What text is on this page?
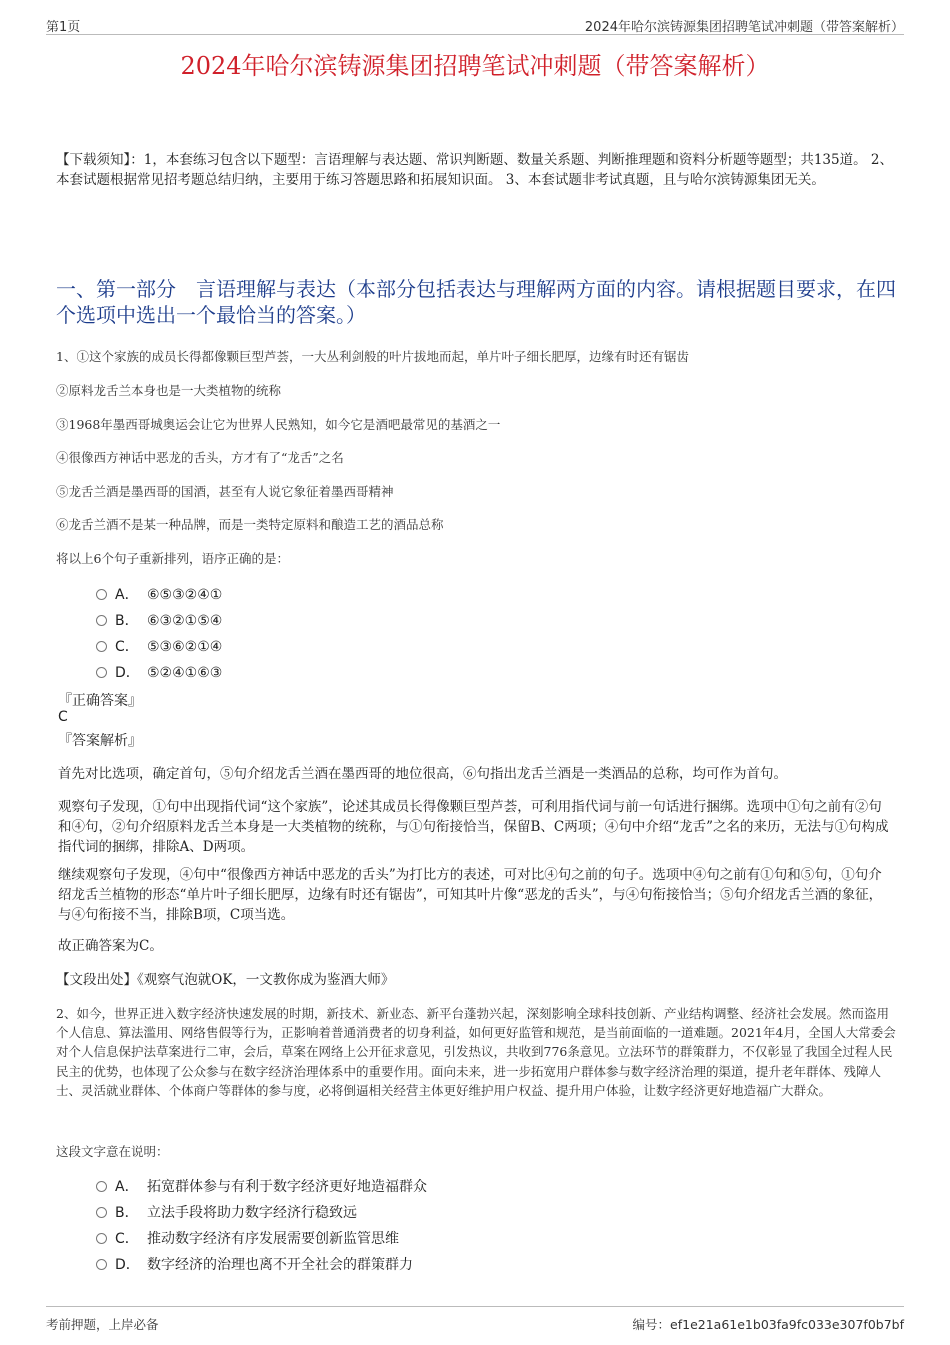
第1页	2024年哈尔滨铸源集团招聘笔试冲刺题（带答案解析）
2024年哈尔滨铸源集团招聘笔试冲刺题（带答案解析）
【下载须知】：1，本套练习包含以下题型：言语理解与表达题、常识判断题、数量关系题、判断推理题和资料分析题等题型；共135道。 2、本套试题根据常见招考题总结归纳，主要用于练习答题思路和拓展知识面。 3、本套试题非考试真题，且与哈尔滨铸源集团无关。
一、第一部分　言语理解与表达（本部分包括表达与理解两方面的内容。请根据题目要求，在四个选项中选出一个最恰当的答案。）
1、①这个家族的成员长得都像颗巨型芦荟，一大丛利剑般的叶片拔地而起，单片叶子细长肥厚，边缘有时还有锯齿
②原料龙舌兰本身也是一大类植物的统称
③1968年墨西哥城奥运会让它为世界人民熟知，如今它是酒吧最常见的基酒之一
④很像西方神话中恶龙的舌头，方才有了“龙舌”之名
⑤龙舌兰酒是墨西哥的国酒，甚至有人说它象征着墨西哥精神
⑥龙舌兰酒不是某一种品牌，而是一类特定原料和酿造工艺的酒品总称
将以上6个句子重新排列，语序正确的是：
A． ⑥⑤③②④①
B． ⑥③②①⑤④
C． ⑤③⑥②①④
D． ⑤②④①⑥③
『正确答案』
C
『答案解析』
首先对比选项，确定首句，⑤句介绍龙舌兰酒在墨西哥的地位很高，⑥句指出龙舌兰酒是一类酒品的总称，均可作为首句。
观察句子发现，①句中出现指代词“这个家族”，论述其成员长得像颗巨型芦荟，可利用指代词与前一句话进行捆绑。选项中①句之前有②句和④句，②句介绍原料龙舌兰本身是一大类植物的统称，与①句衔接恰当，保留B、C两项；④句中介绍“龙舌”之名的来历，无法与①句构成指代词的捆绑，排除A、D两项。
继续观察句子发现，④句中“很像西方神话中恶龙的舌头”为打比方的表述，可对比④句之前的句子。选项中④句之前有①句和⑤句，①句介绍龙舌兰植物的形态“单片叶子细长肥厚，边缘有时还有锯齿”，可知其叶片像“恶龙的舌头”，与④句衔接恰当；⑤句介绍龙舌兰酒的象征，与④句衔接不当，排除B项，C项当选。
故正确答案为C。
【文段出处】《观察气泡就OK，一文教你成为鉴酒大师》
2、如今，世界正进入数字经济快速发展的时期，新技术、新业态、新平台蓬勃兴起，深刻影响全球科技创新、产业结构调整、经济社会发展。然而盗用个人信息、算法滥用、网络售假等行为，正影响着普通消费者的切身利益，如何更好监管和规范，是当前面临的一道难题。2021年4月，全国人大常委会对个人信息保护法草案进行二审，会后，草案在网络上公开征求意见，引发热议，共收到776条意见。立法环节的群策群力，不仅彰显了我国全过程人民民主的优势，也体现了公众参与在数字经济治理体系中的重要作用。面向未来，进一步拓宽用户群体参与数字经济治理的渠道，提升老年群体、残障人士、灵活就业群体、个体商户等群体的参与度，必将倒逼相关经营主体更好维护用户权益、提升用户体验，让数字经济更好地造福广大群众。
这段文字意在说明：
A． 拓宽群体参与有利于数字经济更好地造福群众
B． 立法手段将助力数字经济行稳致远
C． 推动数字经济有序发展需要创新监管思维
D． 数字经济的治理也离不开全社会的群策群力
考前押题，上岸必备	编号：ef1e21a61e1b03fa9fc033e307f0b7bf
